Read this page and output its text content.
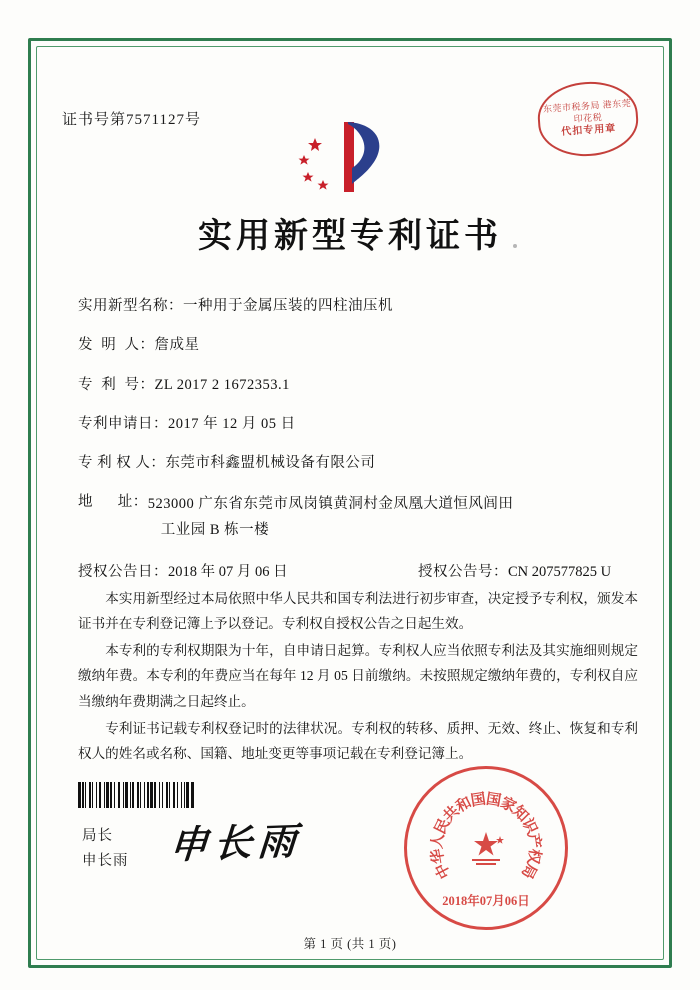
证书号第7571127号
东莞市税务局 港东莞
印花税
代扣专用章
实用新型专利证书
实用新型名称： 一种用于金属压装的四柱油压机
发  明  人： 詹成星
专  利  号： ZL 2017 2 1672353.1
专利申请日： 2017 年 12 月 05 日
专 利 权 人： 东莞市科鑫盟机械设备有限公司
地      址： 523000 广东省东莞市凤岗镇黄洞村金凤凰大道恒风闾田
工业园 B 栋一楼
授权公告日： 2018 年 07 月 06 日	授权公告号： CN 207577825 U

本实用新型经过本局依照中华人民共和国专利法进行初步审查，决定授予专利权，颁发本证书并在专利登记簿上予以登记。专利权自授权公告之日起生效。

本专利的专利权期限为十年，自申请日起算。专利权人应当依照专利法及其实施细则规定缴纳年费。本专利的年费应当在每年 12 月 05 日前缴纳。未按照规定缴纳年费的，专利权自应当缴纳年费期满之日起终止。

专利证书记载专利权登记时的法律状况。专利权的转移、质押、无效、终止、恢复和专利权人的姓名或名称、国籍、地址变更等事项记载在专利登记簿上。

局长
申长雨 申长雨
中
华
人
民
共
和
国
国
家
知
识
产
权
局
2018年07月06日
第 1 页 (共 1 页)
